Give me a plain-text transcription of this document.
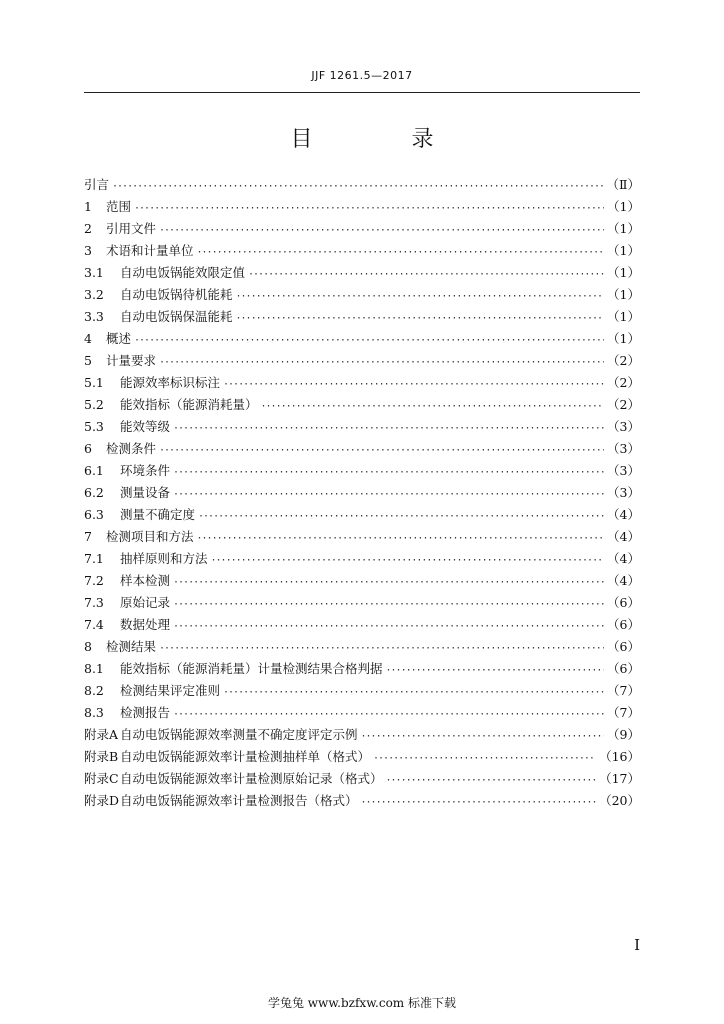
JJF 1261.5—2017
目 录
引言 ·····	（Ⅱ）
1	范围 ·····	（1）
2	引用文件 ·····	（1）
3	术语和计量单位 ·····	（1）
3.1	自动电饭锅能效限定值 ·····	（1）
3.2	自动电饭锅待机能耗 ·····	（1）
3.3	自动电饭锅保温能耗 ·····	（1）
4	概述 ·····	（1）
5	计量要求 ·····	（2）
5.1	能源效率标识标注 ·····	（2）
5.2	能效指标（能源消耗量） ·····	（2）
5.3	能效等级 ·····	（3）
6	检测条件 ·····	（3）
6.1	环境条件 ·····	（3）
6.2	测量设备 ·····	（3）
6.3	测量不确定度 ·····	（4）
7	检测项目和方法 ·····	（4）
7.1	抽样原则和方法 ·····	（4）
7.2	样本检测 ·····	（4）
7.3	原始记录 ·····	（6）
7.4	数据处理 ·····	（6）
8	检测结果 ·····	（6）
8.1	能效指标（能源消耗量）计量检测结果合格判据 ·····	（6）
8.2	检测结果评定准则 ·····	（7）
8.3	检测报告 ·····	（7）
附录A 自动电饭锅能源效率测量不确定度评定示例 ·····	（9）
附录B 自动电饭锅能源效率计量检测抽样单（格式） ·····	（16）
附录C 自动电饭锅能源效率计量检测原始记录（格式） ·····	（17）
附录D 自动电饭锅能源效率计量检测报告（格式） ·····	（20）
Ⅰ
学兔兔 www.bzfxw.com 标准下载
